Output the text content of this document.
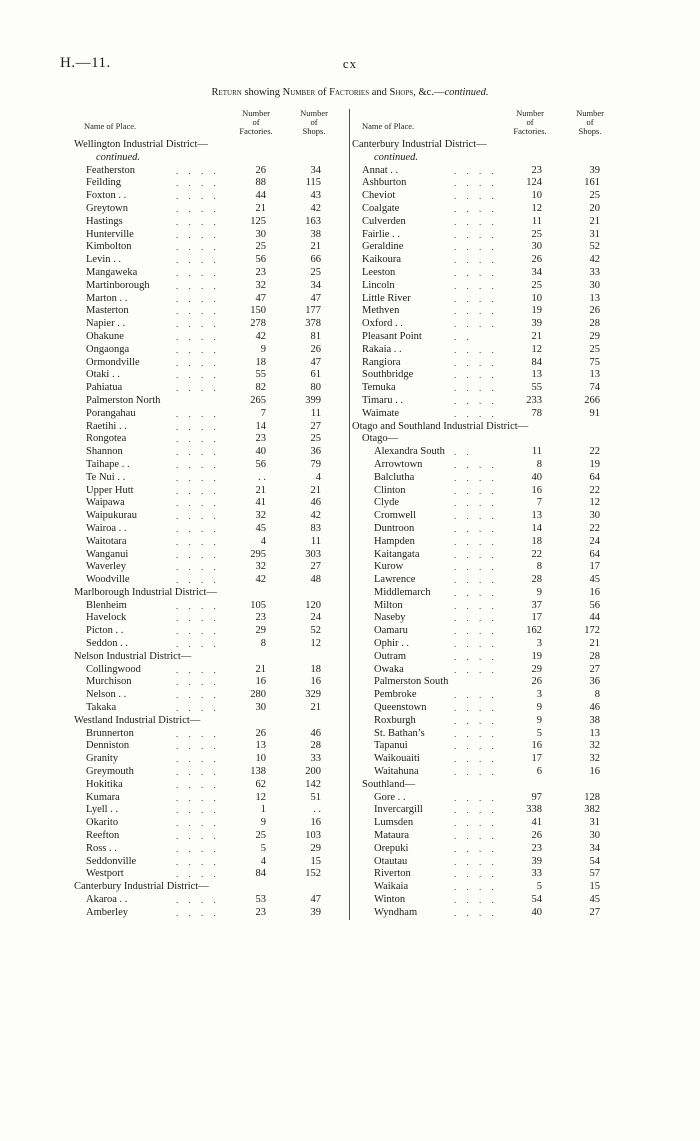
H.—11.	cx
Return showing Number of Factories and Shops, &c.—continued.
Name of Place.
Number
of
Factories.
Number
of
Shops.
Wellington Industrial District—
continued.
Featherston	. . . .	26	34
Feilding	. . . .	88	115
Foxton . .	. . . .	44	43
Greytown	. . . .	21	42
Hastings	. . . .	125	163
Hunterville	. . . .	30	38
Kimbolton	. . . .	25	21
Levin . .	. . . .	56	66
Mangaweka	. . . .	23	25
Martinborough	. . . .	32	34
Marton . .	. . . .	47	47
Masterton	. . . .	150	177
Napier . .	. . . .	278	378
Ohakune	. . . .	42	81
Ongaonga	. . . .	9	26
Ormondville	. . . .	18	47
Otaki . .	. . . .	55	61
Pahiatua	. . . .	82	80
Palmerston North	265	399
Porangahau	. . . .	7	11
Raetihi . .	. . . .	14	27
Rongotea	. . . .	23	25
Shannon	. . . .	40	36
Taihape . .	. . . .	56	79
Te Nui . .	. . . .	. .	4
Upper Hutt	. . . .	21	21
Waipawa	. . . .	41	46
Waipukurau	. . . .	32	42
Wairoa . .	. . . .	45	83
Waitotara	. . . .	4	11
Wanganui	. . . .	295	303
Waverley	. . . .	32	27
Woodville	. . . .	42	48
Marlborough Industrial District—
Blenheim	. . . .	105	120
Havelock	. . . .	23	24
Picton . .	. . . .	29	52
Seddon . .	. . . .	8	12
Nelson Industrial District—
Collingwood	. . . .	21	18
Murchison	. . . .	16	16
Nelson . .	. . . .	280	329
Takaka	. . . .	30	21
Westland Industrial District—
Brunnerton	. . . .	26	46
Denniston	. . . .	13	28
Granity	. . . .	10	33
Greymouth	. . . .	138	200
Hokitika	. . . .	62	142
Kumara	. . . .	12	51
Lyell . .	. . . .	1	. .
Okarito	. . . .	9	16
Reefton	. . . .	25	103
Ross . .	. . . .	5	29
Seddonville	. . . .	4	15
Westport	. . . .	84	152
Canterbury Industrial District—
Akaroa . .	. . . .	53	47
Amberley	. . . .	23	39
Name of Place.
Number
of
Factories.
Number
of
Shops.
Canterbury Industrial District—
continued.
Annat . .	. . . .	23	39
Ashburton	. . . .	124	161
Cheviot	. . . .	10	25
Coalgate	. . . .	12	20
Culverden	. . . .	11	21
Fairlie . .	. . . .	25	31
Geraldine	. . . .	30	52
Kaikoura	. . . .	26	42
Leeston	. . . .	34	33
Lincoln	. . . .	25	30
Little River	. . . .	10	13
Methven	. . . .	19	26
Oxford . .	. . . .	39	28
Pleasant Point	. .	21	29
Rakaia . .	. . . .	12	25
Rangiora	. . . .	84	75
Southbridge	. . . .	13	13
Temuka	. . . .	55	74
Timaru . .	. . . .	233	266
Waimate	. . . .	78	91
Otago and Southland Industrial District—
Otago—
Alexandra South . .	11	22
Arrowtown	. . . .	8	19
Balclutha	. . . .	40	64
Clinton	. . . .	16	22
Clyde	. . . .	7	12
Cromwell	. . . .	13	30
Duntroon	. . . .	14	22
Hampden	. . . .	18	24
Kaitangata	. . . .	22	64
Kurow	. . . .	8	17
Lawrence	. . . .	28	45
Middlemarch	. . . .	9	16
Milton	. . . .	37	56
Naseby	. . . .	17	44
Oamaru	. . . .	162	172
Ophir . .	. . . .	3	21
Outram	. . . .	19	28
Owaka	. . . .	29	27
Palmerston South	26	36
Pembroke	. . . .	3	8
Queenstown	. . . .	9	46
Roxburgh	. . . .	9	38
St. Bathan’s	. . . .	5	13
Tapanui	. . . .	16	32
Waikouaiti	. . . .	17	32
Waitahuna	. . . .	6	16
Southland—
Gore . .	. . . .	97	128
Invercargill	. . . .	338	382
Lumsden	. . . .	41	31
Mataura	. . . .	26	30
Orepuki	. . . .	23	34
Otautau	. . . .	39	54
Riverton	. . . .	33	57
Waikaia	. . . .	5	15
Winton	. . . .	54	45
Wyndham	. . . .	40	27
